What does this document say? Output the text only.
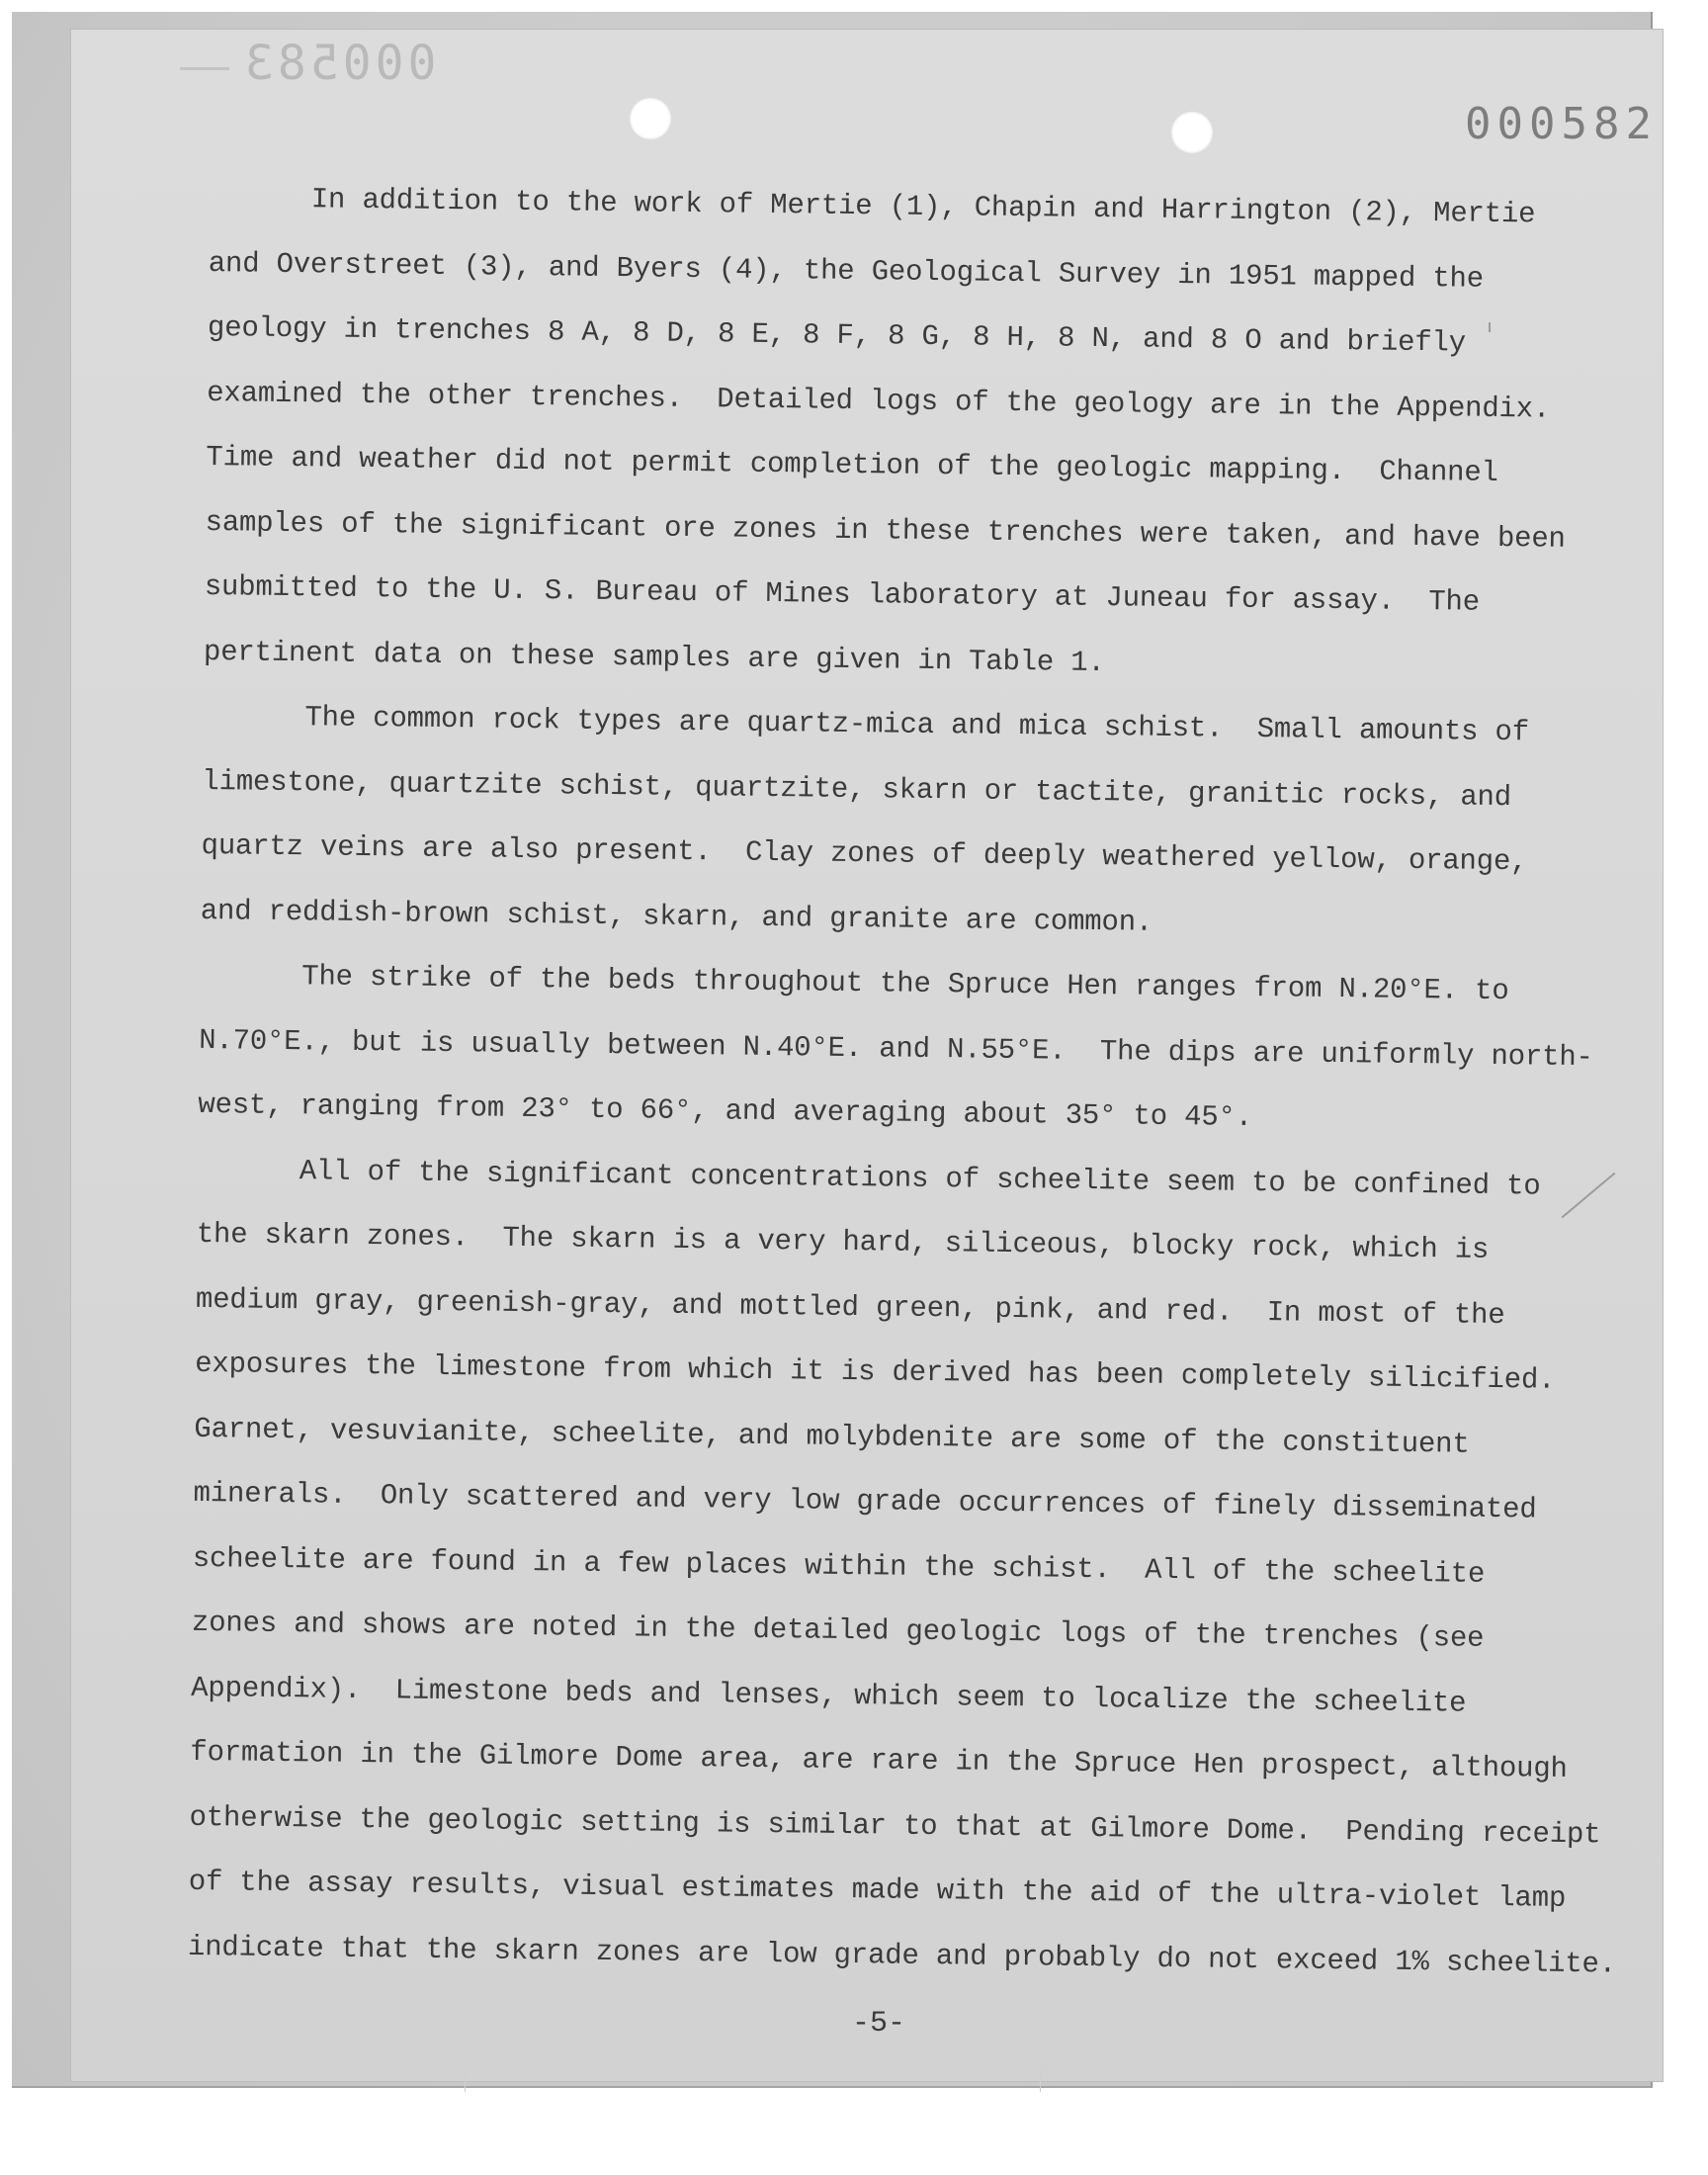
000583
000582
In addition to the work of Mertie (1), Chapin and Harrington (2), Mertie
and Overstreet (3), and Byers (4), the Geological Survey in 1951 mapped the
geology in trenches 8 A, 8 D, 8 E, 8 F, 8 G, 8 H, 8 N, and 8 O and briefly
examined the other trenches.  Detailed logs of the geology are in the Appendix.
Time and weather did not permit completion of the geologic mapping.  Channel
samples of the significant ore zones in these trenches were taken, and have been
submitted to the U. S. Bureau of Mines laboratory at Juneau for assay.  The
pertinent data on these samples are given in Table 1.
The common rock types are quartz-mica and mica schist.  Small amounts of
limestone, quartzite schist, quartzite, skarn or tactite, granitic rocks, and
quartz veins are also present.  Clay zones of deeply weathered yellow, orange,
and reddish-brown schist, skarn, and granite are common.
The strike of the beds throughout the Spruce Hen ranges from N.20°E. to
N.70°E., but is usually between N.40°E. and N.55°E.  The dips are uniformly north-
west, ranging from 23° to 66°, and averaging about 35° to 45°.
All of the significant concentrations of scheelite seem to be confined to
the skarn zones.  The skarn is a very hard, siliceous, blocky rock, which is
medium gray, greenish-gray, and mottled green, pink, and red.  In most of the
exposures the limestone from which it is derived has been completely silicified.
Garnet, vesuvianite, scheelite, and molybdenite are some of the constituent
minerals.  Only scattered and very low grade occurrences of finely disseminated
scheelite are found in a few places within the schist.  All of the scheelite
zones and shows are noted in the detailed geologic logs of the trenches (see
Appendix).  Limestone beds and lenses, which seem to localize the scheelite
formation in the Gilmore Dome area, are rare in the Spruce Hen prospect, although
otherwise the geologic setting is similar to that at Gilmore Dome.  Pending receipt
of the assay results, visual estimates made with the aid of the ultra-violet lamp
indicate that the skarn zones are low grade and probably do not exceed 1% scheelite.
-5-
